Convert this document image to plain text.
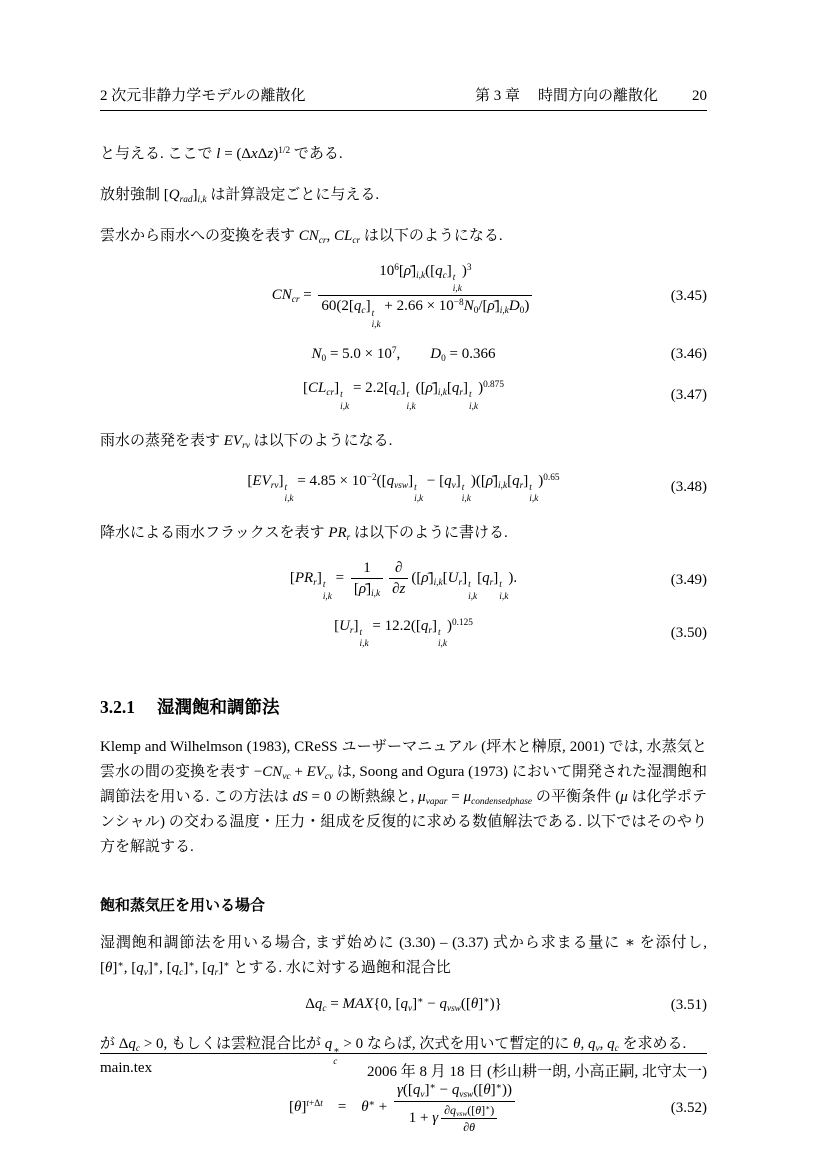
2 次元非静力学モデルの離散化	第 3 章 時間方向の離散化 20

と与える. ここで $l = (\Delta x\Delta z)^{1/2}$ である.

放射強制 $[Q_{rad}]_{i,k}$ は計算設定ごとに与える.

雲水から雨水への変換を表す $CN_{cr}$, $CL_{cr}$ は以下のようになる.

$CN_{cr}$ = $10^6[\rhō]_{i,k}([q_c]$ t
i,k
)$^3$
$60(2[q_c]$ t
i,k
+ $2.66 \times 10^{-8}N_0/[\rhō]_{i,k}D_0$)	(3.45)
$N_0 = 5.0 \times 10^7$,  $D_0 = 0.366$	(3.46)
$[CL_{cr}]$ t
i,k
= $2.2[q_c]$ t
i,k
($[\rhō]_{i,k}[q_r]$ t
i,k
)$^{0.875}$
(3.47)

雨水の蒸発を表す $EV_{rv}$ は以下のようになる.

$[EV_{rv}]$ t
i,k
= $4.85 \times 10^{-2}([q_{vsw}]$ t
i,k
− $[q_v]$ t
i,k
)($[\rhō]_{i,k}[q_r]$ t
i,k
)$^{0.65}$
(3.48)

降水による雨水フラックスを表す $PR_r$ は以下のように書ける.

$[PR_r]$ t
i,k
= $\frac{1}{[\rhō]_{i,k}} \frac{\partial}{\partial z}$ ($[\rhō]_{i,k}[U_r]$ t
i,k
$[q_r]$ t
i,k
).	(3.49)
$[U_r]$ t
i,k
= $12.2([q_r]$ t
i,k
)$^{0.125}$
(3.50)
3.2.1 湿潤飽和調節法

Klemp and Wilhelmson (1983), CReSS ユーザーマニュアル (坪木と榊原, 2001) では, 水蒸気と雲水の間の変換を表す $-CN_{vc} + EV_{cv}$ は, Soong and Ogura (1973) において開発された湿潤飽和調節法を用いる. この方法は dS = 0 の断熱線と, $\mu_{vapar} = \mu_{condensedphase}$ の平衡条件 (μ は化学ポテンシャル) の交わる温度・圧力・組成を反復的に求める数値解法である. 以下ではそのやり方を解説する.

飽和蒸気圧を用いる場合

湿潤飽和調節法を用いる場合, まず始めに (3.30) – (3.37) 式から求まる量に ∗ を添付し, [θ]∗, $[q_v]^∗$, $[q_c]^∗$, $[q_r]^∗$ とする. 水に対する過飽和混合比

$\Delta q_c = MAX\{0$, $[q_v]^∗ - q_{vsw}([\theta]^∗)$}	(3.51)

が $\Delta q_c > 0$, もしくは雲粒混合比が q ∗
c
> 0 ならば, 次式を用いて暫定的に θ, $q_v$, $q_c$ を求める.

$[\theta]^{t+\Delta t}$ = $\theta^∗ + \frac{\gamma([q_v]^∗ - q_{vsw}([\theta]^∗))}{1 + \gamma \frac{\partial q_{vsw}([\theta]^∗)}{\partial\theta}}$	(3.52)
main.tex	2006 年 8 月 18 日 (杉山耕一朗, 小高正嗣, 北守太一)
